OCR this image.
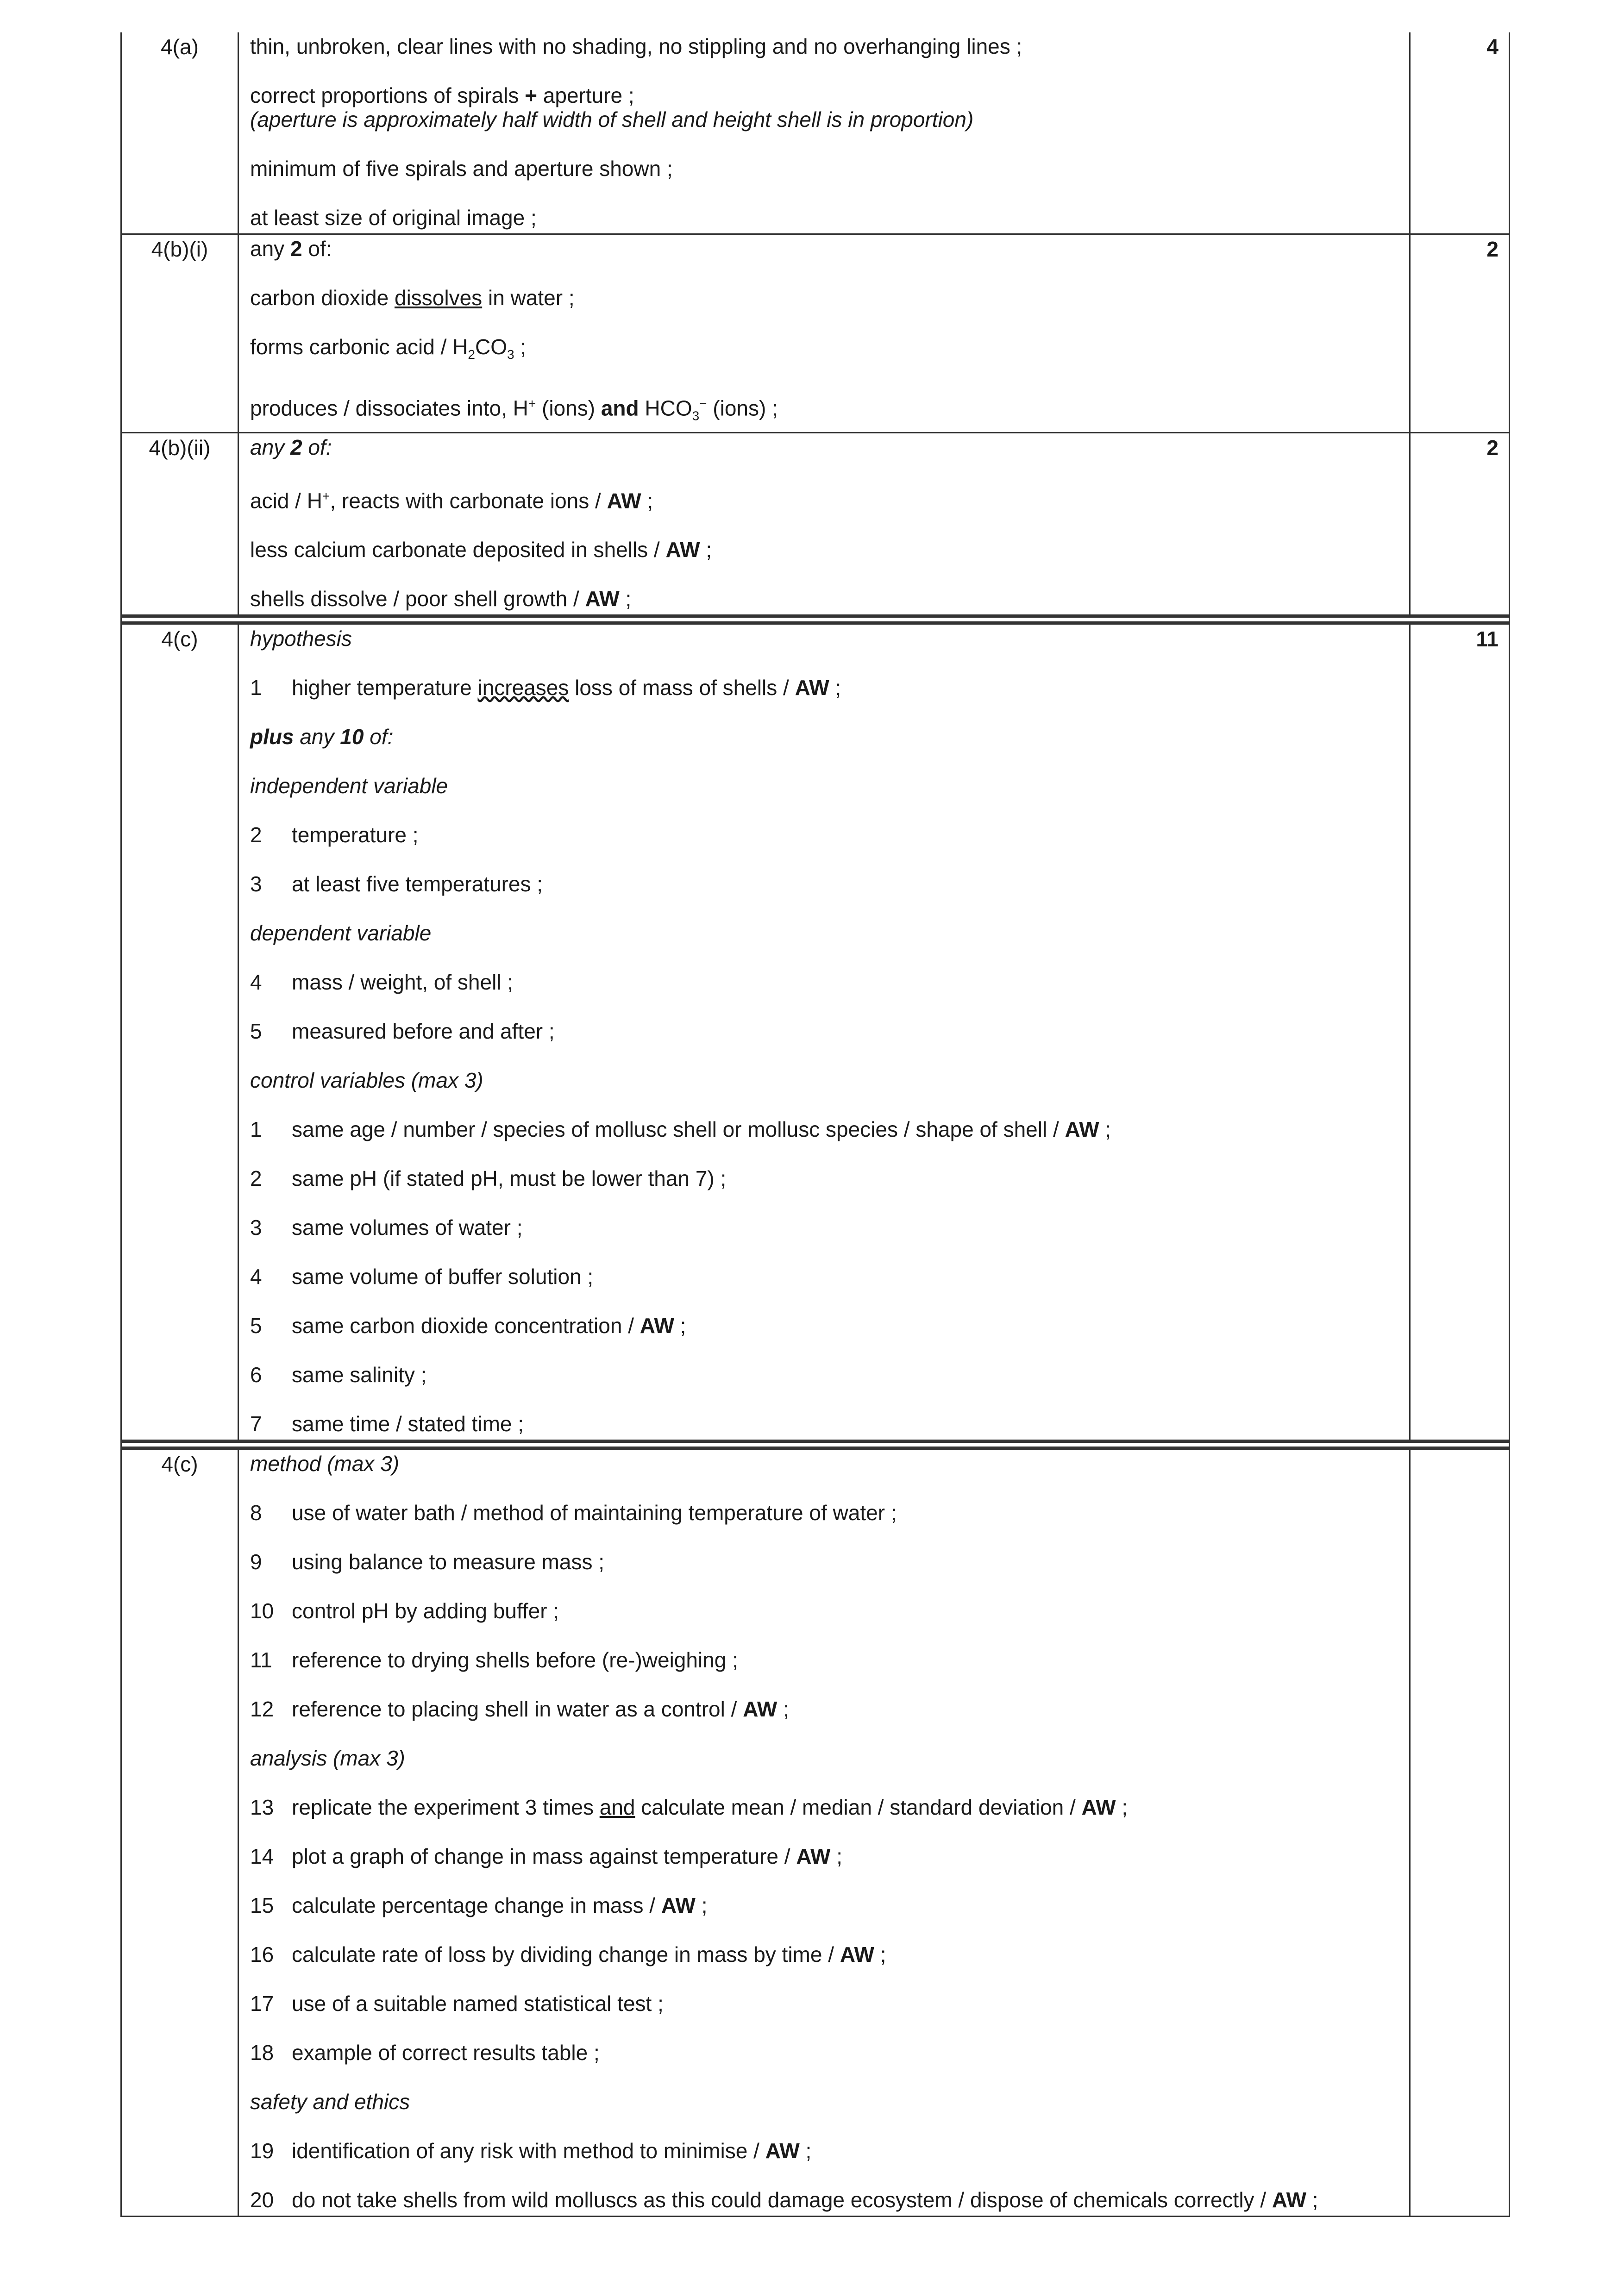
4(a)	thin, unbroken, clear lines with no shading, no stippling and no overhanging lines ;

correct proportions of spirals + aperture ;

(aperture is approximately half width of shell and height shell is in proportion)

minimum of five spirals and aperture shown ;

at least size of original image ;

4
4(b)(i)	any 2 of:

carbon dioxide dissolves in water ;

forms carbonic acid / $H_2CO_3$ ;

produces / dissociates into, H+ (ions) and $HCO_3^-$ (ions) ;

2
4(b)(ii)	any 2 of:

acid / H+, reacts with carbonate ions / AW ;

less calcium carbonate deposited in shells / AW ;

shells dissolve / poor shell growth / AW ;

2
4(c)	hypothesis

1 higher temperature increases loss of mass of shells / AW ;

plus any 10 of:

independent variable

2 temperature ;

3 at least five temperatures ;

dependent variable

4 mass / weight, of shell ;

5 measured before and after ;

control variables (max 3)

1 same age / number / species of mollusc shell or mollusc species / shape of shell / AW ;

2 same pH (if stated pH, must be lower than 7) ;

3 same volumes of water ;

4 same volume of buffer solution ;

5 same carbon dioxide concentration / AW ;

6 same salinity ;

7 same time / stated time ;

11
4(c)	method (max 3)

8 use of water bath / method of maintaining temperature of water ;

9 using balance to measure mass ;

10 control pH by adding buffer ;

11 reference to drying shells before (re-)weighing ;

12 reference to placing shell in water as a control / AW ;

analysis (max 3)

13 replicate the experiment 3 times and calculate mean / median / standard deviation / AW ;

14 plot a graph of change in mass against temperature / AW ;

15 calculate percentage change in mass / AW ;

16 calculate rate of loss by dividing change in mass by time / AW ;

17 use of a suitable named statistical test ;

18 example of correct results table ;

safety and ethics

19 identification of any risk with method to minimise / AW ;

20 do not take shells from wild molluscs as this could damage ecosystem / dispose of chemicals correctly / AW ;
